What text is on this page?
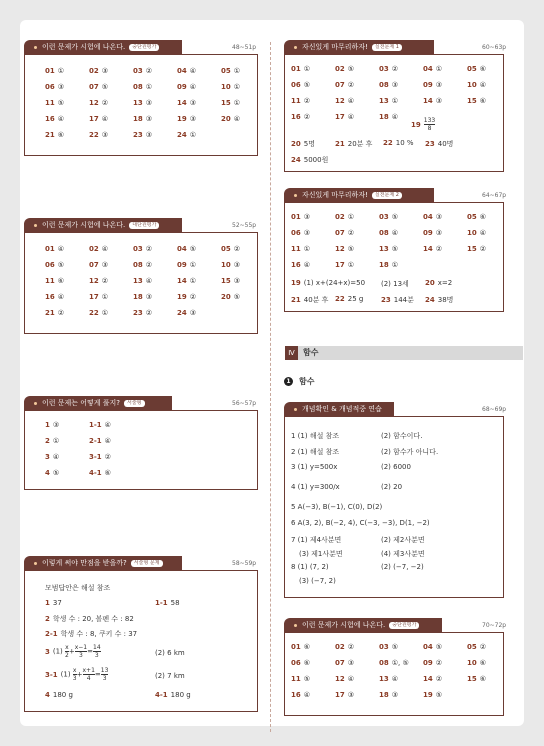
이런 문제가 시험에 나온다. 중단원평가	48~51p
01 ①	02 ③	03 ②	04 ④	05 ①
06 ③	07 ⑤	08 ①	09 ④	10 ①
11 ⑤	12 ②	13 ③	14 ③	15 ①
16 ④	17 ④	18 ③	19 ③	20 ④
21 ⑥	22 ③	23 ③	24 ①
이런 문제가 시험에 나온다. 대단원평가	52~55p
01 ④	02 ④	03 ②	04 ⑤	05 ②
06 ⑤	07 ③	08 ②	09 ①	10 ③
11 ⑥	12 ②	13 ④	14 ①	15 ③
16 ④	17 ①	18 ③	19 ②	20 ⑤
21 ②	22 ①	23 ②	24 ③
이런 문제는 어떻게 풀지? 서술형	56~57p
1 ③	1-1 ④
2 ①	2-1 ④
3 ④	3-1 ②
4 ⑤	4-1 ⑥
이렇게 써야 만점을 받을까? 서술형 문제	58~59p
모범답안은 해설 참조
1 37	1-1 58
2 학생 수 : 20, 볼펜 수 : 82
2-1 학생 수 : 8, 쿠키 수 : 37
3 $(1) \frac{x}{2} + \frac{x-1}{3} = \frac{14}{3}$	(2) 6 km
3-1 $(1) \frac{x}{3} + \frac{x+1}{4} = \frac{13}{3}$	(2) 7 km
4 180 g	4-1 180 g
자신있게 마무리하자! 실전문제 1	60~63p
$19 \frac{133}{8}$
20 5명	21 20분 후 22 10 % 23 40명
24 5000원
01 ①	02 ⑤	03 ②	04 ①	05 ⑥
06 ⑤	07 ②	08 ③	09 ③	10 ④
11 ②	12 ④	13 ①	14 ③	15 ⑥
16 ②	17 ④	18 ④
자신있게 마무리하자! 실전문제 2	64~67p
19 (1) x+(24+x)=50 (2) 13세 20 x=2
21 40분 후 22 25 g	23 144분 24 38명
01 ③	02 ①	03 ⑤	04 ③	05 ⑥
06 ③	07 ②	08 ④	09 ③	10 ④
11 ①	12 ⑤	13 ⑤	14 ②	15 ②
16 ④	17 ①	18 ①
Ⅳ	함수
1 함수
개념확인 & 개념적중 연습	68~69p
7 (1) 제4사분면	(2) 제2사분면
(3) 제1사분면	(4) 제3사분면
8 (1) (7, 2)	(2) (−7, −2)
(3) (−7, 2)
5 A(−3), B(−1), C(0), D(2)
6 A(3, 2), B(−2, 4), C(−3, −3), D(1, −2)
1 (1) 해설 참조	(2) 함수이다.
2 (1) 해설 참조	(2) 함수가 아니다.
3 (1) y=500x	(2) 6000
4 (1) y=300/x	(2) 20
이런 문제가 시험에 나온다. 중단원평가	70~72p
01 ⑥	02 ②	03 ⑤	04 ⑤	05 ②
06 ⑥	07 ③	08 ①, ⑤ 09 ②	10 ⑥
11 ⑤	12 ④	13 ④	14 ②	15 ⑥
16 ④	17 ③	18 ③	19 ⑤
